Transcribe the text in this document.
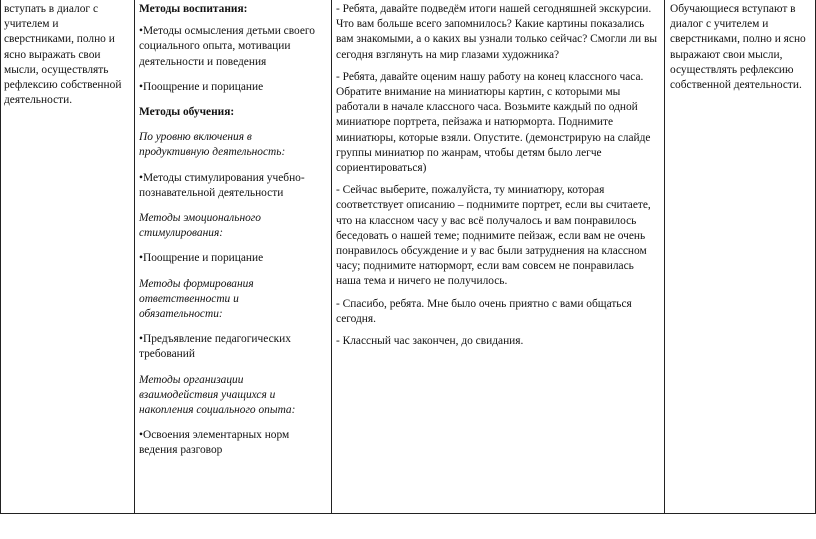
вступать в диалог с учителем и сверстниками, полно и ясно выражать свои мысли, осуществлять рефлексию собственной деятельности.

Методы воспитания:

•Методы осмысления детьми своего социального опыта, мотивации деятельности и поведения

•Поощрение и порицание

Методы обучения:

По уровню включения в продуктивную деятельность:

•Методы стимулирования учебно-познавательной деятельности

Методы эмоционального стимулирования:

•Поощрение и порицание

Методы формирования ответственности и обязательности:

•Предъявление педагогических требований

Методы организации взаимодействия учащихся и накопления социального опыта:

•Освоения элементарных норм ведения разговор

- Ребята, давайте подведём итоги нашей сегодняшней экскурсии. Что вам больше всего запомнилось? Какие картины показались вам знакомыми, а о каких вы узнали только сейчас? Смогли ли вы сегодня взглянуть на мир глазами художника?

- Ребята, давайте оценим нашу работу на конец классного часа. Обратите внимание на миниатюры картин, с которыми мы работали в начале классного часа. Возьмите каждый по одной миниатюре портрета, пейзажа и натюрморта. Поднимите миниатюры, которые взяли. Опустите. (демонстрирую на слайде группы миниатюр по жанрам, чтобы детям было легче сориентироваться)

- Сейчас выберите, пожалуйста, ту миниатюру, которая соответствует описанию – поднимите портрет, если вы считаете, что на классном часу у вас всё получалось и вам понравилось беседовать о нашей теме; поднимите пейзаж, если вам не очень понравилось обсуждение и у вас были затруднения на классном часу; поднимите натюрморт, если вам совсем не понравилась наша тема и ничего не получилось.

- Спасибо, ребята. Мне было очень приятно с вами общаться сегодня.

- Классный час закончен, до свидания.

Обучающиеся вступают в диалог с учителем и сверстниками, полно и ясно выражают свои мысли, осуществлять рефлексию собственной деятельности.
